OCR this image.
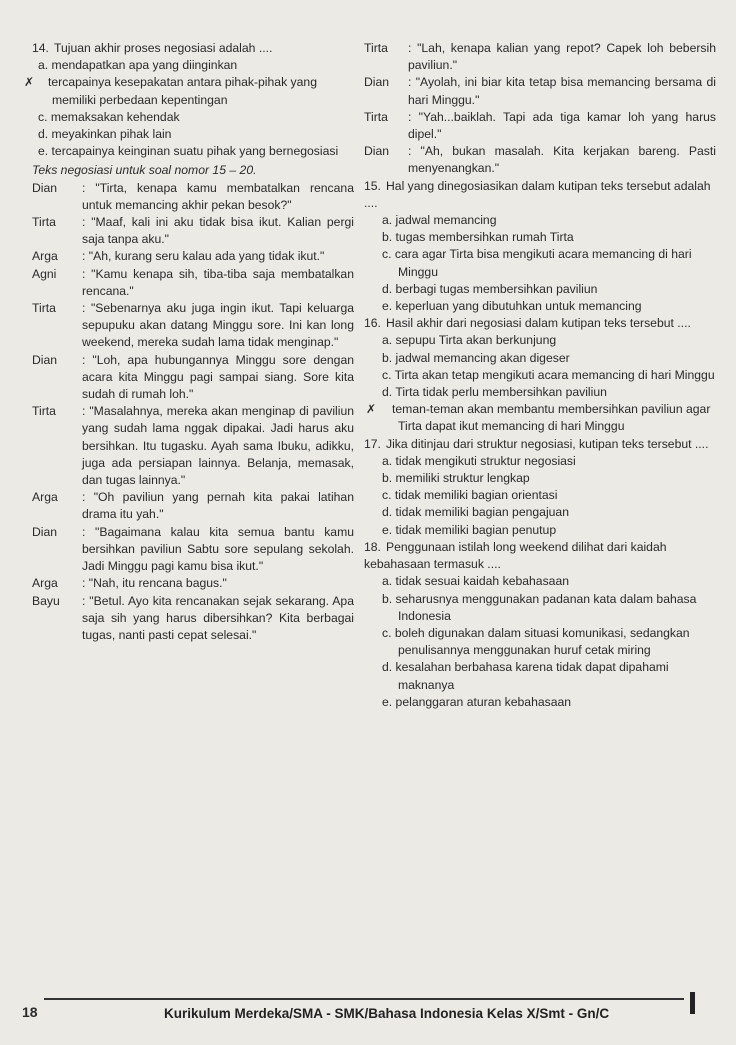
14. Tujuan akhir proses negosiasi adalah ....
a. mendapatkan apa yang diinginkan
✗ tercapainya kesepakatan antara pihak-pihak yang memiliki perbedaan kepentingan
c. memaksakan kehendak
d. meyakinkan pihak lain
e. tercapainya keinginan suatu pihak yang bernegosiasi
Teks negosiasi untuk soal nomor 15 – 20.
Dian	: "Tirta, kenapa kamu membatalkan rencana untuk memancing akhir pekan besok?"
Tirta	: "Maaf, kali ini aku tidak bisa ikut. Kalian pergi saja tanpa aku."
Arga	: "Ah, kurang seru kalau ada yang tidak ikut."
Agni	: "Kamu kenapa sih, tiba-tiba saja membatalkan rencana."
Tirta	: "Sebenarnya aku juga ingin ikut. Tapi keluarga sepupuku akan datang Minggu sore. Ini kan long weekend, mereka sudah lama tidak menginap."
Dian	: "Loh, apa hubungannya Minggu sore dengan acara kita Minggu pagi sampai siang. Sore kita sudah di rumah loh."
Tirta	: "Masalahnya, mereka akan menginap di paviliun yang sudah lama nggak dipakai. Jadi harus aku bersihkan. Itu tugasku. Ayah sama Ibuku, adikku, juga ada persiapan lainnya. Belanja, memasak, dan tugas lainnya."
Arga	: "Oh paviliun yang pernah kita pakai latihan drama itu yah."
Dian	: "Bagaimana kalau kita semua bantu kamu bersihkan paviliun Sabtu sore sepulang sekolah. Jadi Minggu pagi kamu bisa ikut."
Arga	: "Nah, itu rencana bagus."
Bayu	: "Betul. Ayo kita rencanakan sejak sekarang. Apa saja sih yang harus dibersihkan? Kita berbagai tugas, nanti pasti cepat selesai."
Tirta	: "Lah, kenapa kalian yang repot? Capek loh bebersih paviliun."
Dian	: "Ayolah, ini biar kita tetap bisa memancing bersama di hari Minggu."
Tirta	: "Yah...baiklah. Tapi ada tiga kamar loh yang harus dipel."
Dian	: "Ah, bukan masalah. Kita kerjakan bareng. Pasti menyenangkan."
15. Hal yang dinegosiasikan dalam kutipan teks tersebut adalah ....
a. jadwal memancing
b. tugas membersihkan rumah Tirta
c. cara agar Tirta bisa mengikuti acara memancing di hari Minggu
d. berbagi tugas membersihkan paviliun
e. keperluan yang dibutuhkan untuk memancing
16. Hasil akhir dari negosiasi dalam kutipan teks tersebut ....
a. sepupu Tirta akan berkunjung
b. jadwal memancing akan digeser
c. Tirta akan tetap mengikuti acara memancing di hari Minggu
d. Tirta tidak perlu membersihkan paviliun
✗ teman-teman akan membantu membersihkan paviliun agar Tirta dapat ikut memancing di hari Minggu
17. Jika ditinjau dari struktur negosiasi, kutipan teks tersebut ....
a. tidak mengikuti struktur negosiasi
b. memiliki struktur lengkap
c. tidak memiliki bagian orientasi
d. tidak memiliki bagian pengajuan
e. tidak memiliki bagian penutup
18. Penggunaan istilah long weekend dilihat dari kaidah kebahasaan termasuk ....
a. tidak sesuai kaidah kebahasaan
b. seharusnya menggunakan padanan kata dalam bahasa Indonesia
c. boleh digunakan dalam situasi komunikasi, sedangkan penulisannya menggunakan huruf cetak miring
d. kesalahan berbahasa karena tidak dapat dipahami maknanya
e. pelanggaran aturan kebahasaan
18	Kurikulum Merdeka/SMA - SMK/Bahasa Indonesia Kelas X/Smt - Gn/C
